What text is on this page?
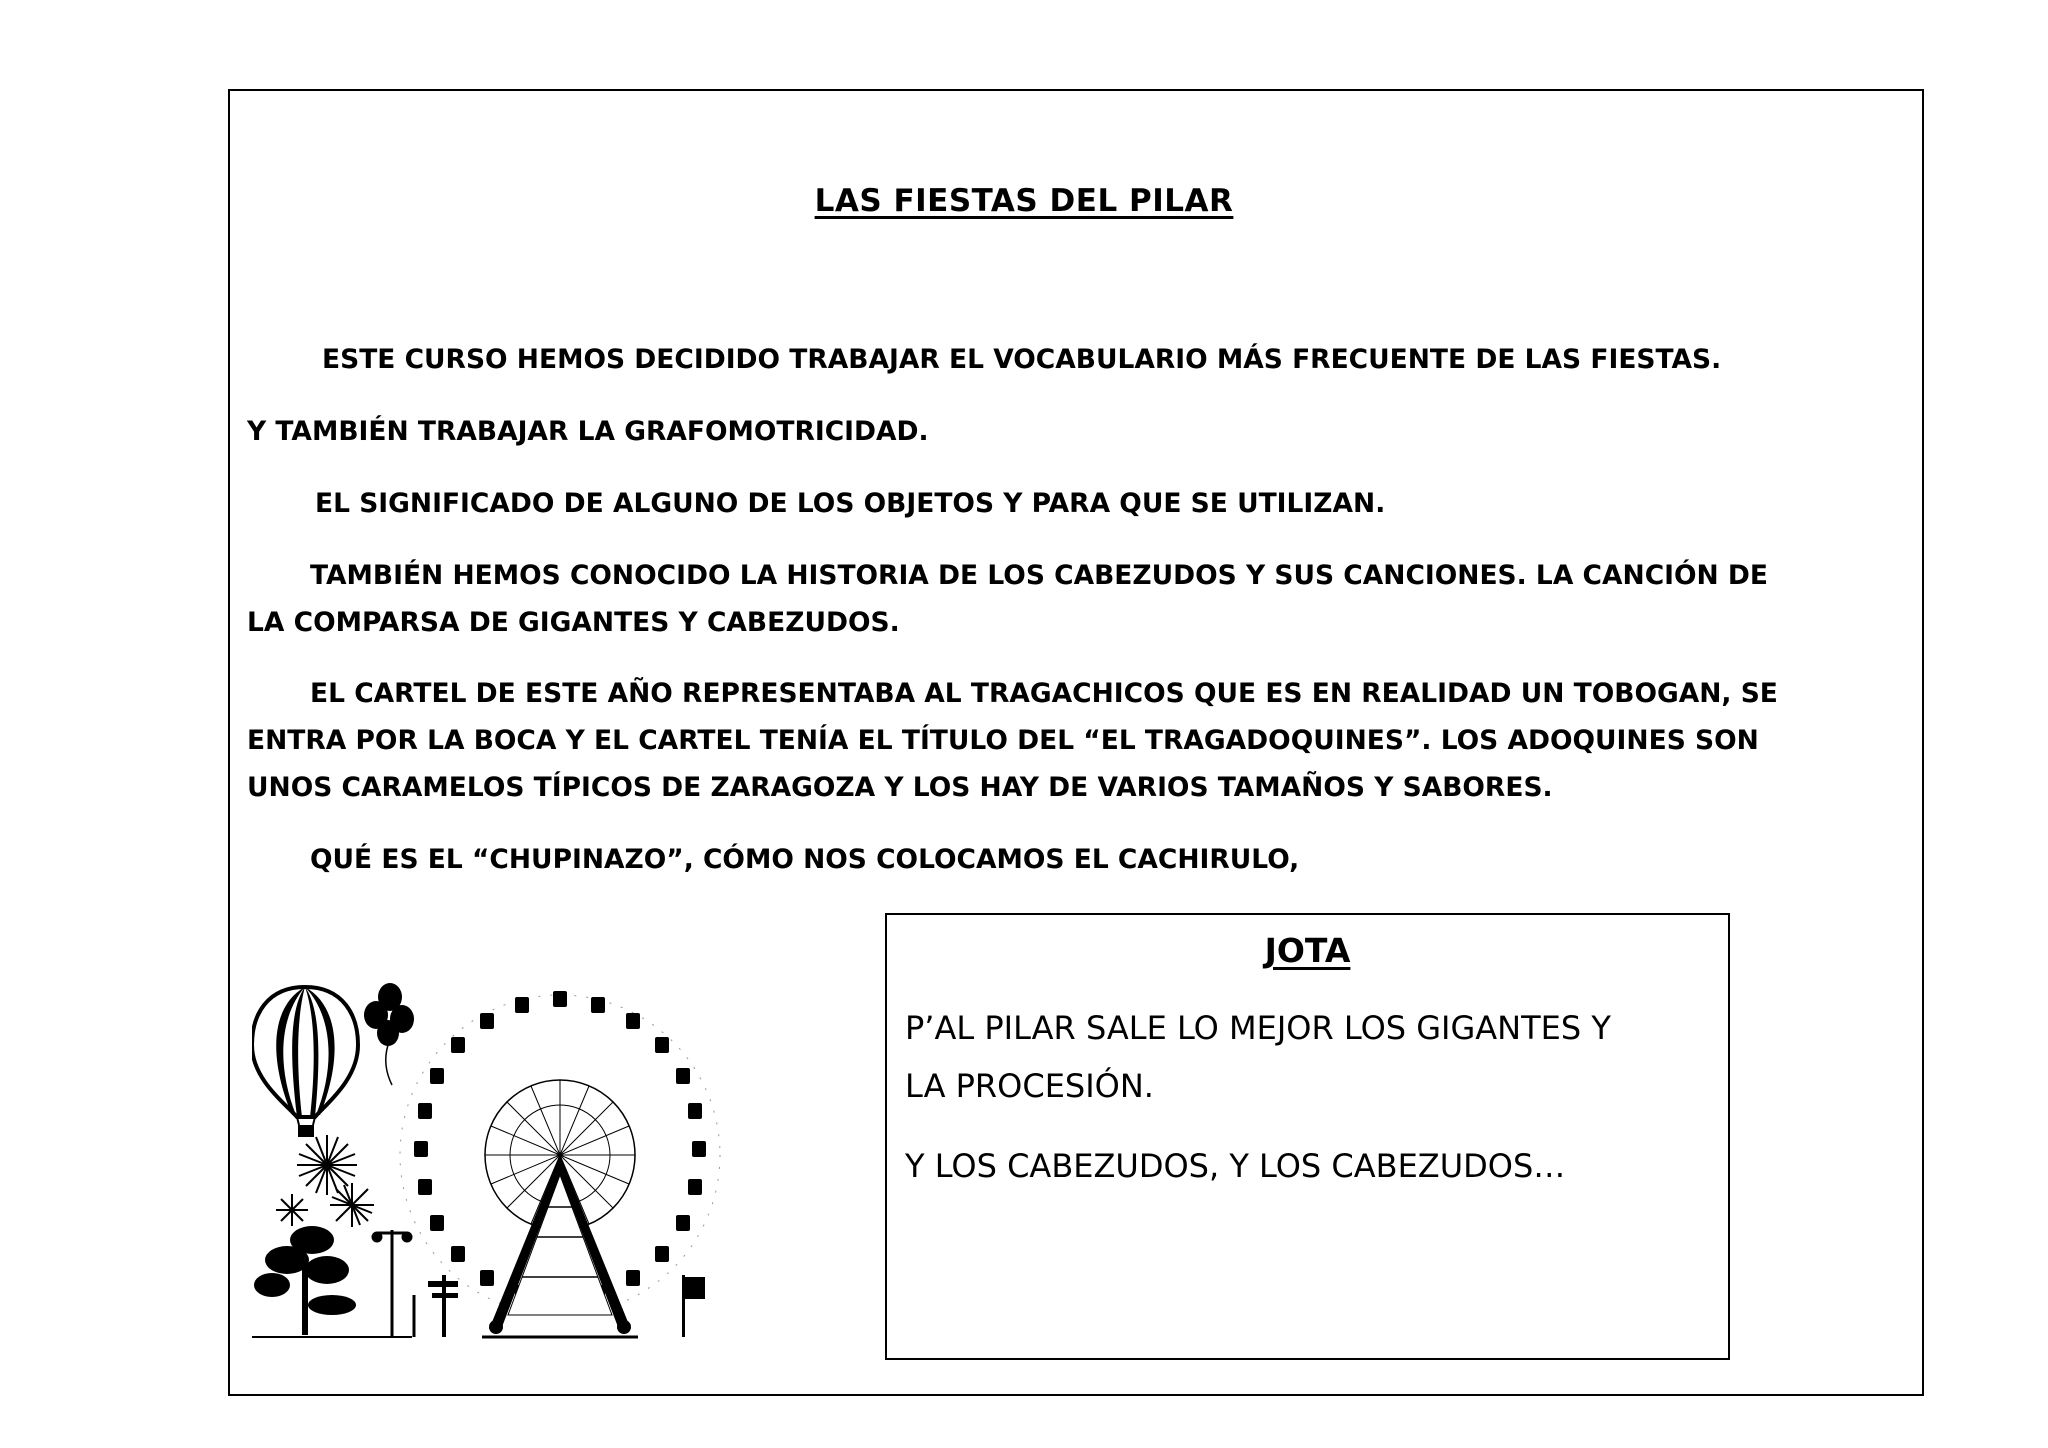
LAS FIESTAS DEL PILAR

ESTE CURSO HEMOS DECIDIDO TRABAJAR EL VOCABULARIO MÁS FRECUENTE DE LAS FIESTAS.

Y TAMBIÉN TRABAJAR LA GRAFOMOTRICIDAD.

EL SIGNIFICADO DE ALGUNO DE LOS OBJETOS Y PARA QUE SE UTILIZAN.

TAMBIÉN HEMOS CONOCIDO LA HISTORIA DE LOS CABEZUDOS Y SUS CANCIONES. LA CANCIÓN DE
LA COMPARSA DE GIGANTES Y CABEZUDOS.

EL CARTEL DE ESTE AÑO REPRESENTABA AL TRAGACHICOS QUE ES EN REALIDAD UN TOBOGAN, SE
ENTRA POR LA BOCA Y EL CARTEL TENÍA EL TÍTULO DEL “EL TRAGADOQUINES”. LOS ADOQUINES SON
UNOS CARAMELOS TÍPICOS DE ZARAGOZA Y LOS HAY DE VARIOS TAMAÑOS Y SABORES.

QUÉ ES EL “CHUPINAZO”, CÓMO NOS COLOCAMOS EL CACHIRULO,

JOTA

P’AL PILAR SALE LO MEJOR LOS GIGANTES Y
LA PROCESIÓN.

Y LOS CABEZUDOS, Y LOS CABEZUDOS…
